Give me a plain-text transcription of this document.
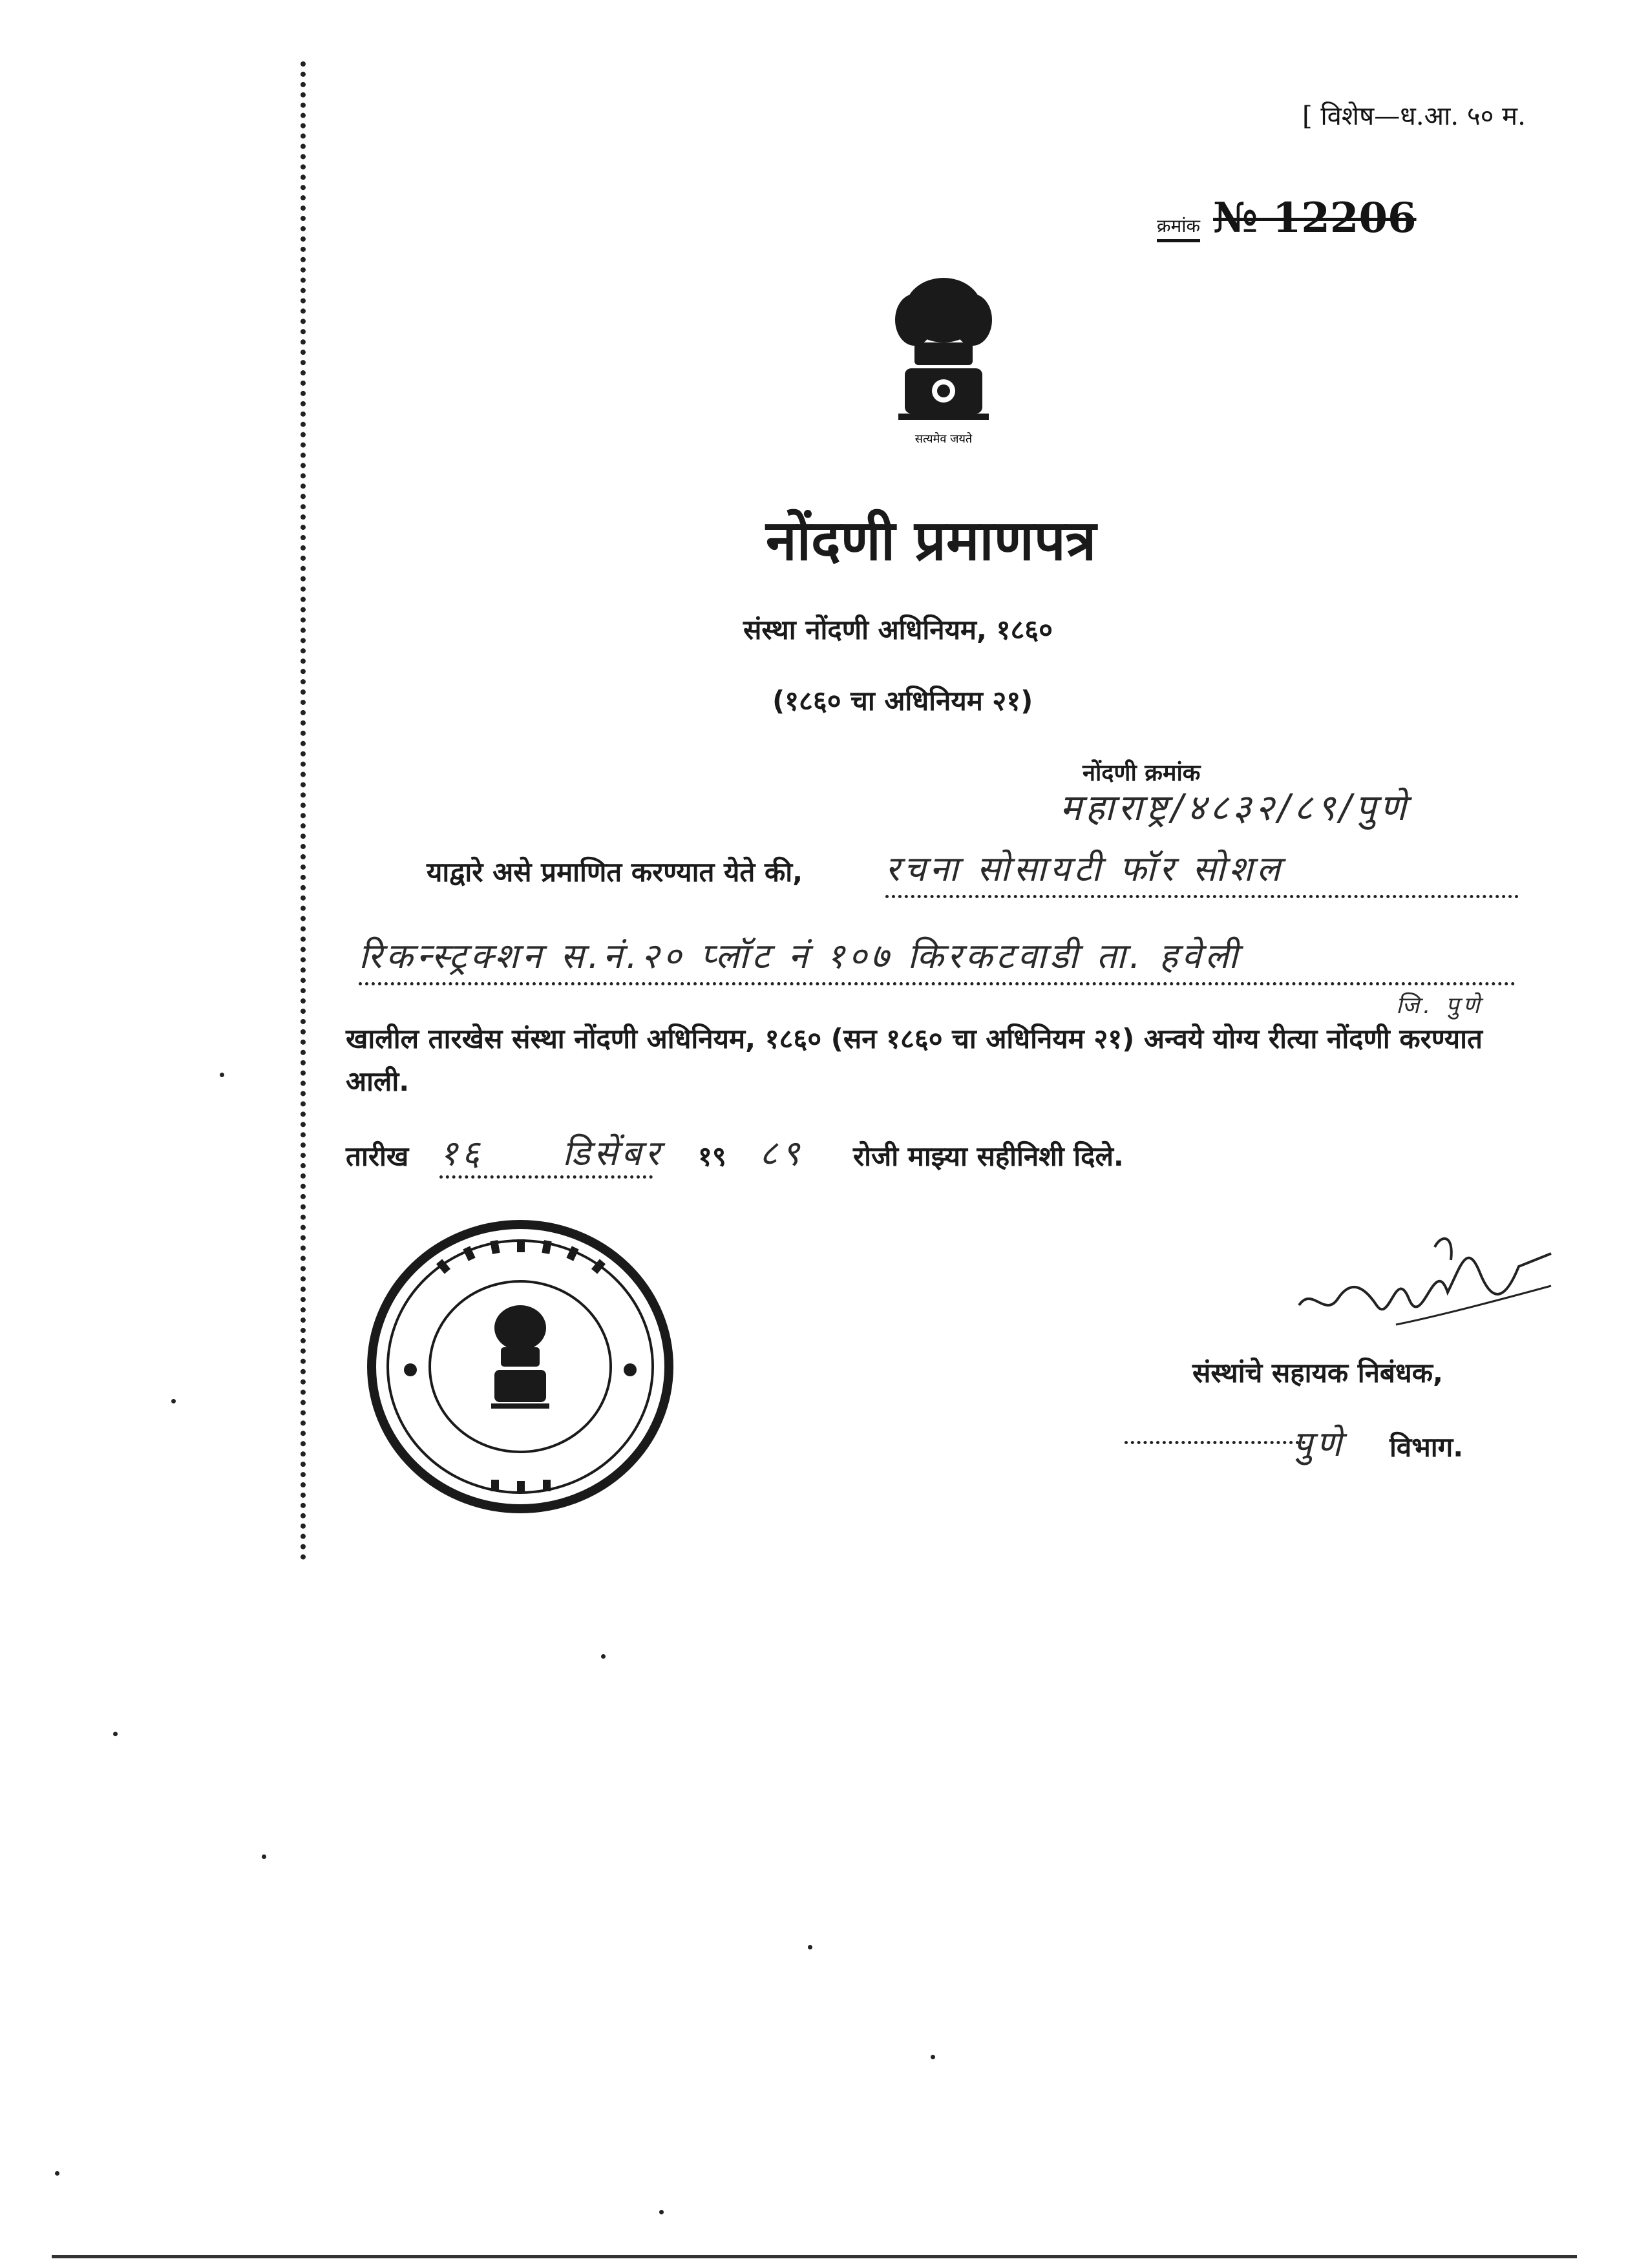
[ विशेष—ध.आ. ५० म.
क्रमांक № 12206
सत्यमेव जयते
नोंदणी प्रमाणपत्र
संस्था नोंदणी अधिनियम, १८६०
(१८६० चा अधिनियम २१)
नोंदणी क्रमांक
महाराष्ट्र/४८३२/८९/पुणे
याद्वारे असे प्रमाणित करण्यात येते की, रचना सोसायटी फॉर सोशल
रिकन्स्ट्रक्शन स.नं.२० प्लॉट नं १०७ किरकटवाडी ता. हवेली
जि. पुणे
खालील तारखेस संस्था नोंदणी अधिनियम, १८६० (सन १८६० चा अधिनियम २१) अन्वये योग्य रीत्या नोंदणी करण्यात आली.
तारीख १६	डिसेंबर १९ ८९ रोजी माझ्या सहीनिशी दिले.
संस्थांचे सहायक निबंधक,
पुणे विभाग.
